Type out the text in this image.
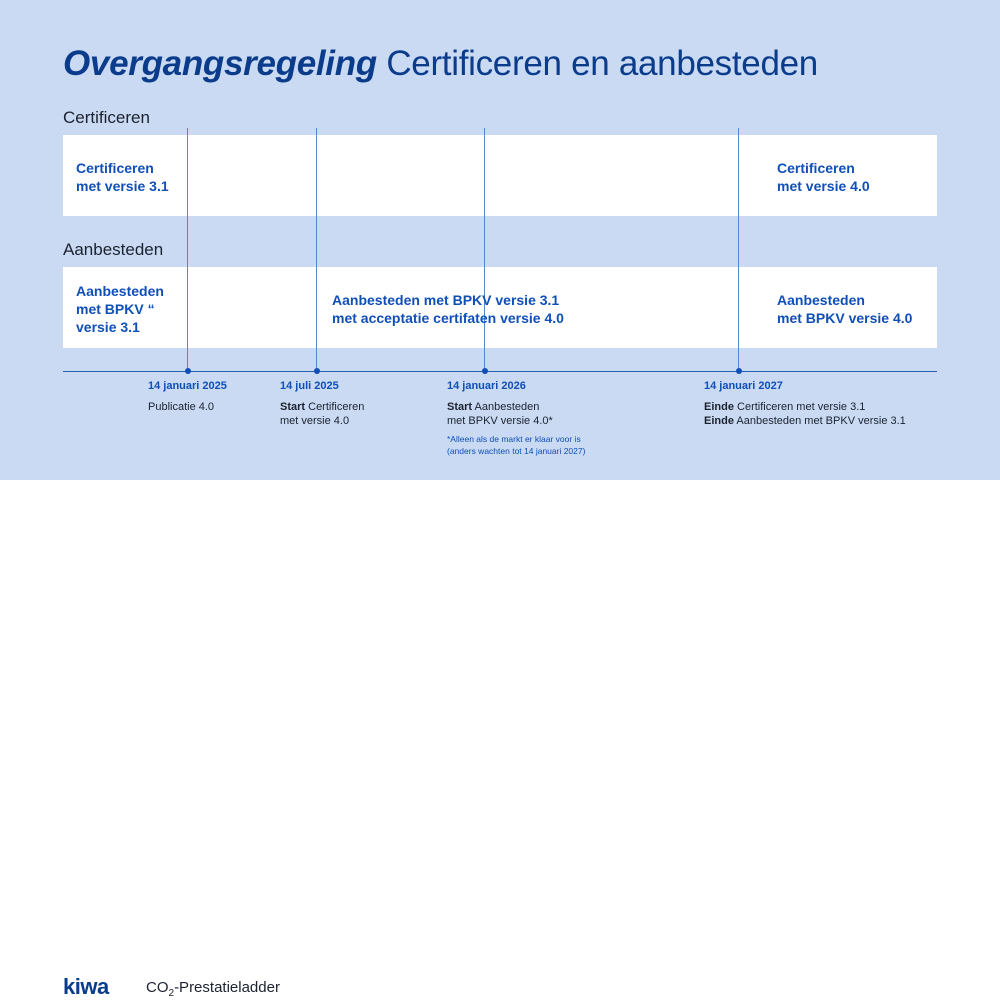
Overgangsregeling Certificeren en aanbesteden
Certificeren
Aanbesteden
Certificeren
met versie 3.1
Certificeren
met versie 4.0
Aanbesteden
met BPKV “
versie 3.1
Aanbesteden met BPKV versie 3.1
met acceptatie certifaten versie 4.0
Aanbesteden
met BPKV versie 4.0
14 januari 2025
Publicatie 4.0
14 juli 2025
Start Certificeren
met versie 4.0
14 januari 2026
Start Aanbesteden
met BPKV versie 4.0*
*Alleen als de markt er klaar voor is
(anders wachten tot 14 januari 2027)
14 januari 2027
Einde Certificeren met versie 3.1
Einde Aanbesteden met BPKV versie 3.1
kiwa $CO_2$-Prestatieladder
